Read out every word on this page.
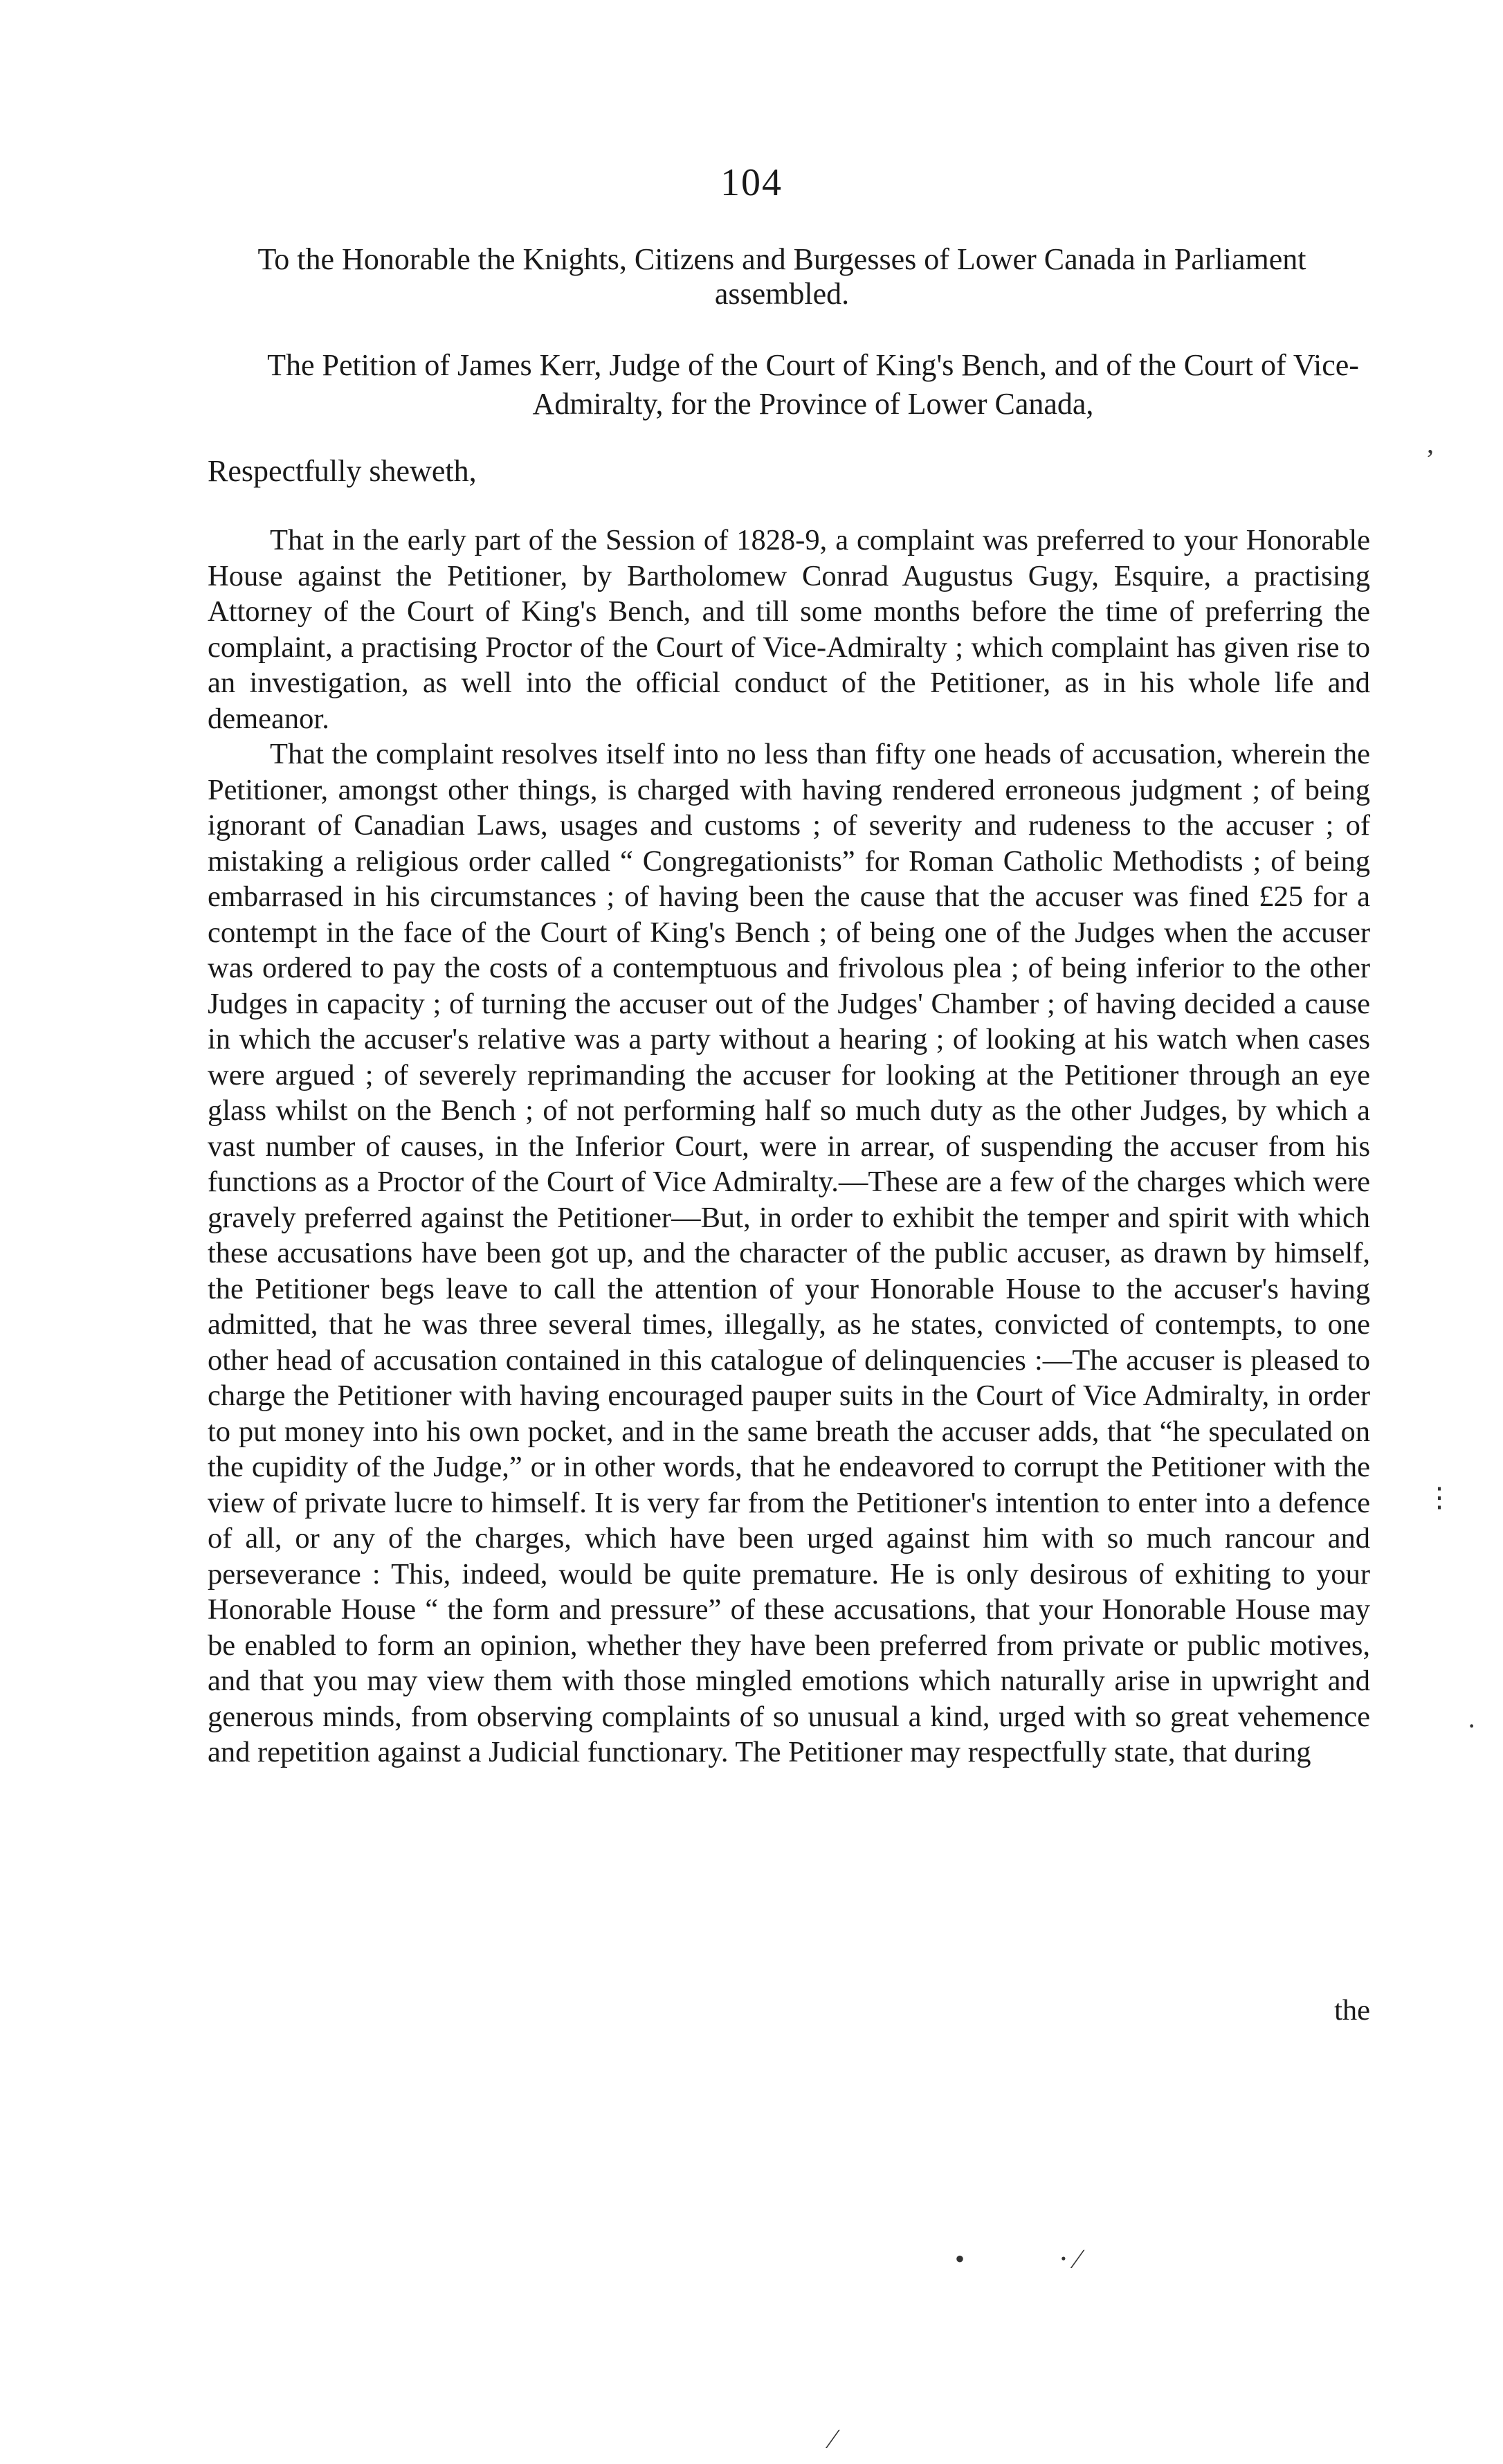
104
To the Honorable the Knights, Citizens and Burgesses of Lower Canada in Parliament assembled.
The Petition of James Kerr, Judge of the Court of King's Bench, and of the Court of Vice-Admiralty, for the Province of Lower Canada,
Respectfully sheweth,

That in the early part of the Session of 1828-9, a complaint was preferred to your Honorable House against the Petitioner, by Bartholomew Conrad Augustus Gugy, Esquire, a practising Attorney of the Court of King's Bench, and till some months before the time of preferring the complaint, a practising Proctor of the Court of Vice-Admiralty ; which complaint has given rise to an investigation, as well into the official conduct of the Petitioner, as in his whole life and demeanor.

That the complaint resolves itself into no less than fifty one heads of accusation, wherein the Petitioner, amongst other things, is charged with having rendered erroneous judgment ; of being ignorant of Canadian Laws, usages and customs ; of severity and rudeness to the accuser ; of mistaking a religious order called “ Congregationists” for Roman Catholic Methodists ; of being embarrased in his circumstances ; of having been the cause that the accuser was fined £25 for a contempt in the face of the Court of King's Bench ; of being one of the Judges when the accuser was ordered to pay the costs of a contemptuous and frivolous plea ; of being inferior to the other Judges in capacity ; of turning the accuser out of the Judges' Chamber ; of having decided a cause in which the accuser's relative was a party without a hearing ; of looking at his watch when cases were argued ; of severely reprimanding the accuser for looking at the Petitioner through an eye glass whilst on the Bench ; of not performing half so much duty as the other Judges, by which a vast number of causes, in the Inferior Court, were in arrear, of suspending the accuser from his functions as a Proctor of the Court of Vice Admiralty.—These are a few of the charges which were gravely preferred against the Petitioner—But, in order to exhibit the temper and spirit with which these accusations have been got up, and the character of the public accuser, as drawn by himself, the Petitioner begs leave to call the attention of your Honorable House to the accuser's having admitted, that he was three several times, illegally, as he states, convicted of contempts, to one other head of accusation contained in this catalogue of delinquencies :—The accuser is pleased to charge the Petitioner with having encouraged pauper suits in the Court of Vice Admiralty, in order to put money into his own pocket, and in the same breath the accuser adds, that “he speculated on the cupidity of the Judge,” or in other words, that he endeavored to corrupt the Petitioner with the view of private lucre to himself. It is very far from the Petitioner's intention to enter into a defence of all, or any of the charges, which have been urged against him with so much rancour and perseverance : This, indeed, would be quite premature. He is only desirous of exhiting to your Honorable House “ the form and pressure” of these accusations, that your Honorable House may be enabled to form an opinion, whether they have been preferred from private or public motives, and that you may view them with those mingled emotions which naturally arise in upwright and generous minds, from observing complaints of so unusual a kind, urged with so great vehemence and repetition against a Judicial functionary. The Petitioner may respectfully state, that during

the
ʼ
⋮
·
•	⋅ ∕
∕
